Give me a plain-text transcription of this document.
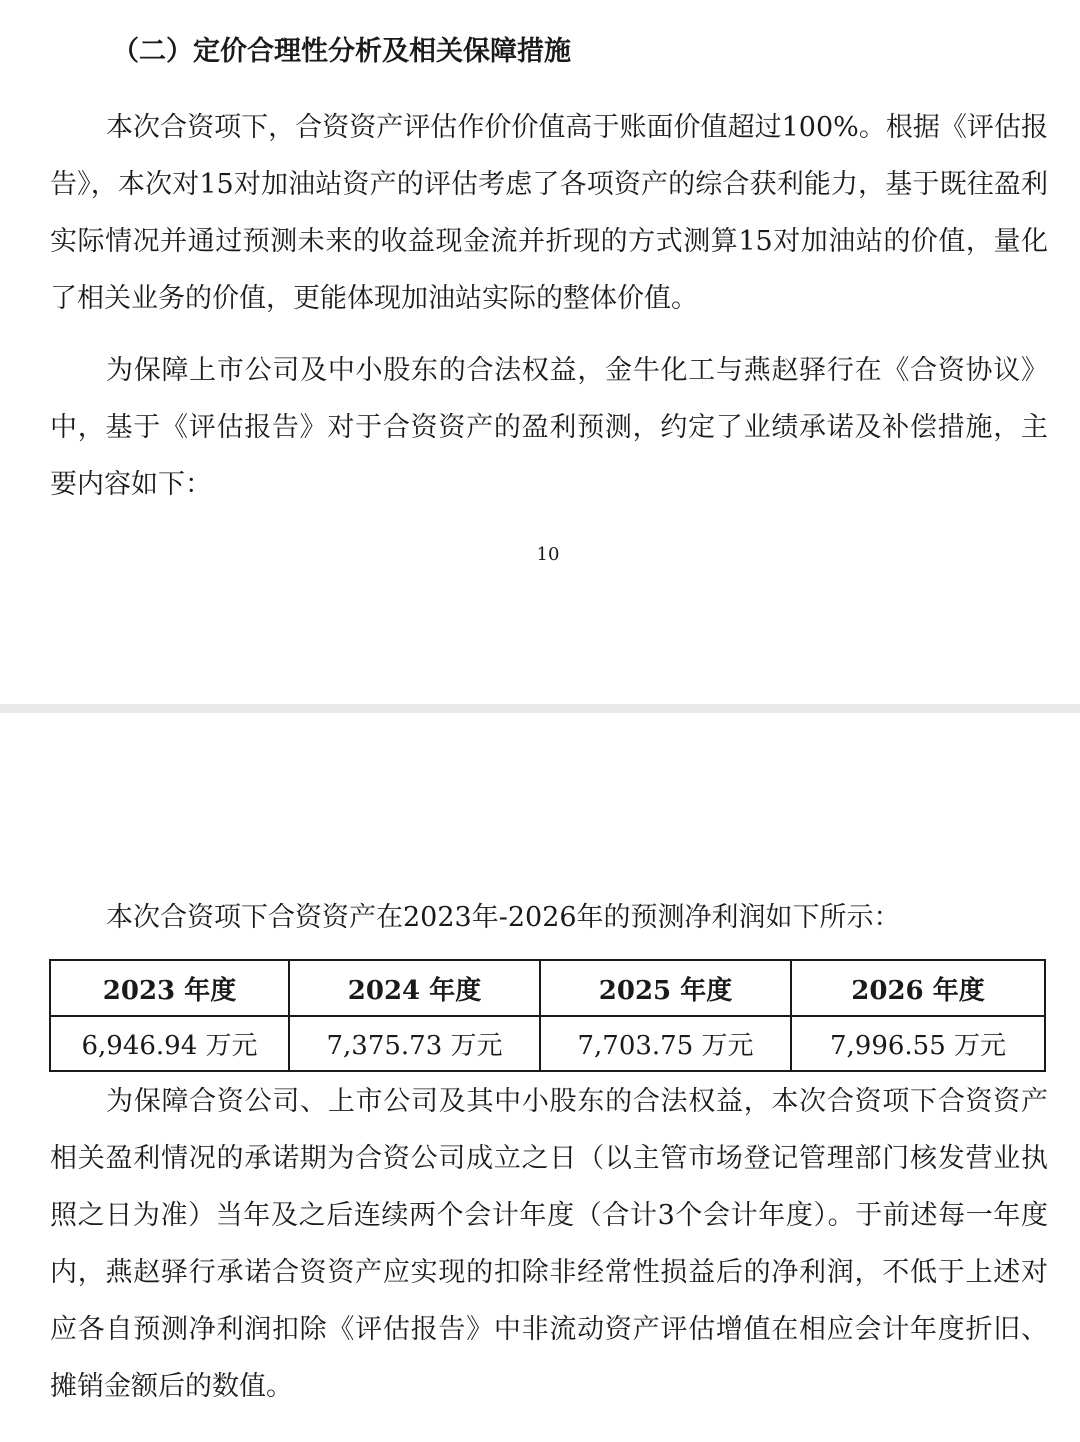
（二）定价合理性分析及相关保障措施

本次合资项下，合资资产评估作价价值高于账面价值超过100%。根据《评估报告》，本次对15对加油站资产的评估考虑了各项资产的综合获利能力，基于既往盈利实际情况并通过预测未来的收益现金流并折现的方式测算15对加油站的价值，量化了相关业务的价值，更能体现加油站实际的整体价值。

为保障上市公司及中小股东的合法权益，金牛化工与燕赵驿行在《合资协议》中，基于《评估报告》对于合资资产的盈利预测，约定了业绩承诺及补偿措施，主要内容如下：

10
本次合资项下合资资产在2023年-2026年的预测净利润如下所示：
2023 年度	2024 年度	2025 年度	2026 年度
6,946.94 万元	7,375.73 万元	7,703.75 万元	7,996.55 万元

为保障合资公司、上市公司及其中小股东的合法权益，本次合资项下合资资产相关盈利情况的承诺期为合资公司成立之日（以主管市场登记管理部门核发营业执照之日为准）当年及之后连续两个会计年度（合计3个会计年度）。于前述每一年度内，燕赵驿行承诺合资资产应实现的扣除非经常性损益后的净利润，不低于上述对应各自预测净利润扣除《评估报告》中非流动资产评估增值在相应会计年度折旧、摊销金额后的数值。
